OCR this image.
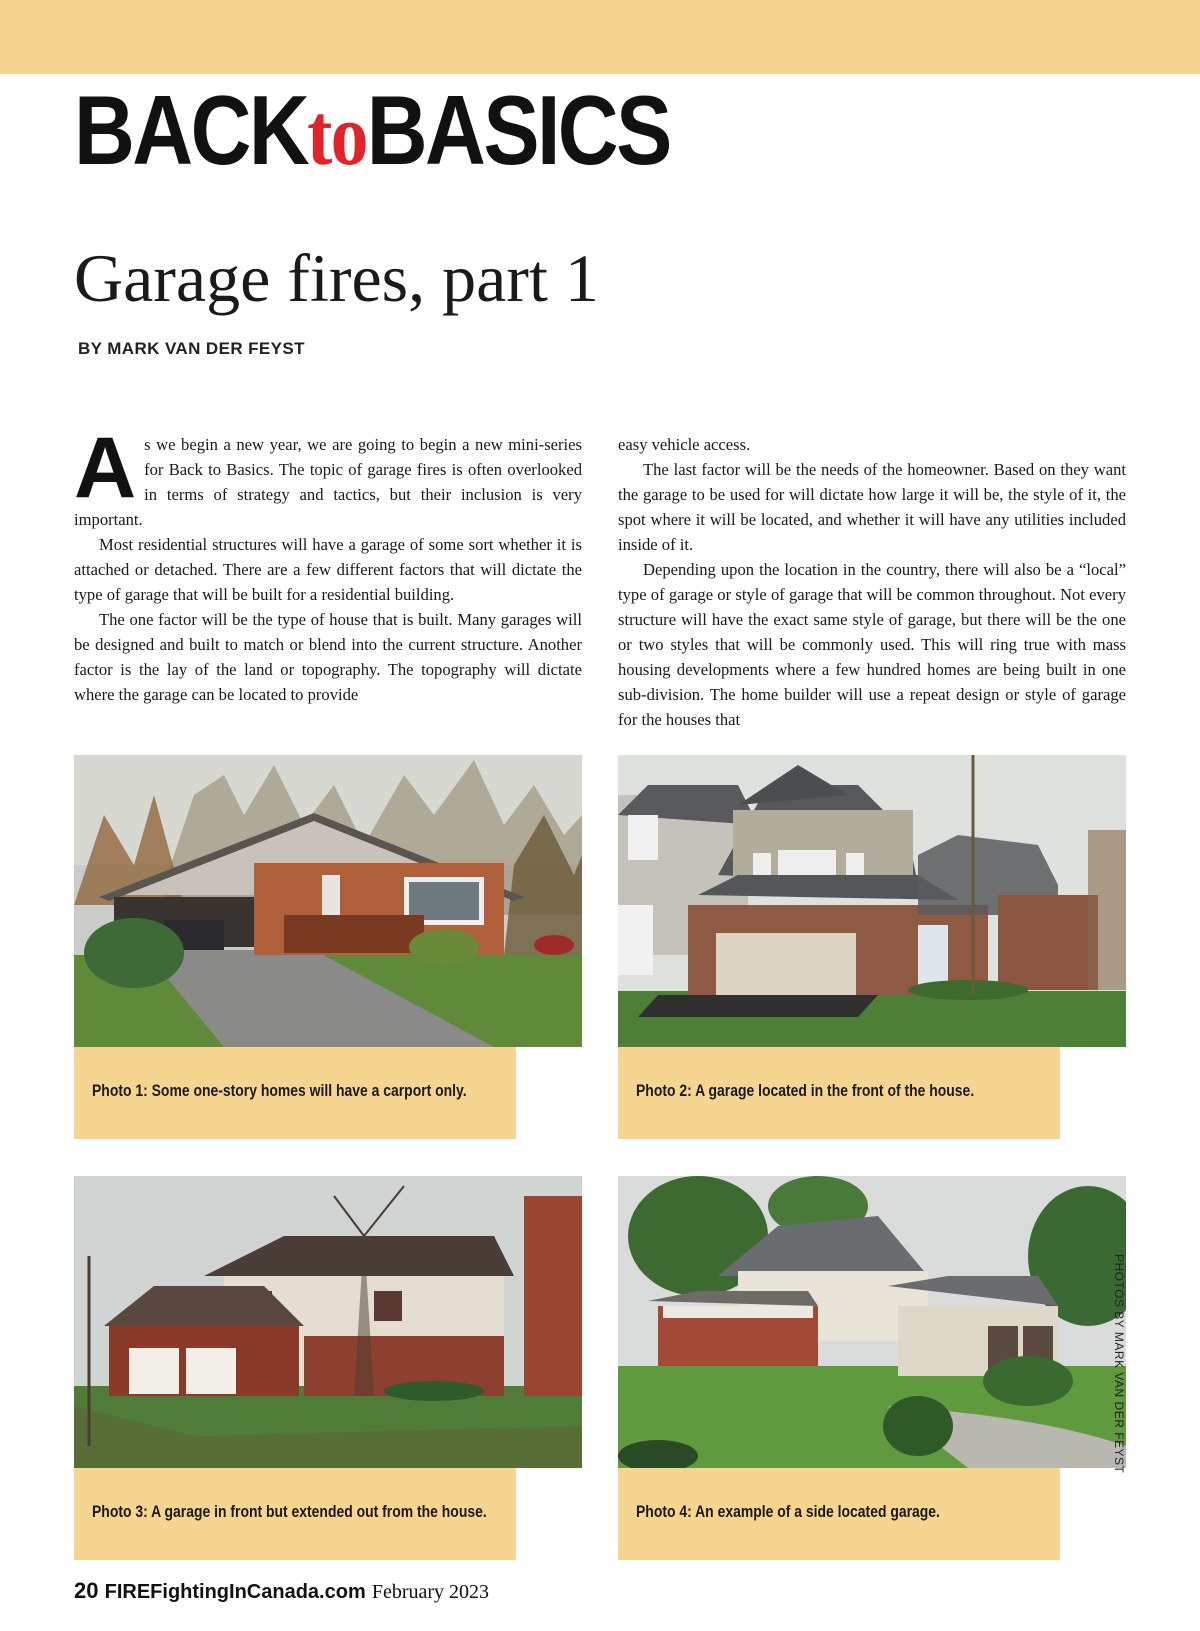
BACKtoBASICS
Garage fires, part 1
BY MARK VAN DER FEYST
A s we begin a new year, we are going to begin a new mini-series for Back to Basics. The topic of garage fires is often overlooked in terms of strategy and tactics, but their inclusion is very important.

Most residential structures will have a garage of some sort whether it is attached or detached. There are a few different factors that will dictate the type of garage that will be built for a residential building.

The one factor will be the type of house that is built. Many garages will be designed and built to match or blend into the current structure. Another factor is the lay of the land or topography. The topography will dictate where the garage can be located to provide

easy vehicle access.

The last factor will be the needs of the homeowner. Based on they want the garage to be used for will dictate how large it will be, the style of it, the spot where it will be located, and whether it will have any utilities included inside of it.

Depending upon the location in the country, there will also be a “local” type of garage or style of garage that will be common throughout. Not every structure will have the exact same style of garage, but there will be the one or two styles that will be commonly used. This will ring true with mass housing developments where a few hundred homes are being built in one sub-division. The home builder will use a repeat design or style of garage for the houses that

Photo 1: Some one-story homes will have a carport only.	Photo 2: A garage located in the front of the house.
Photo 3: A garage in front but extended out from the house.	Photo 4: An example of a side located garage.
PHOTOS BY MARK VAN DER FEYST
20 FIREFightingInCanada.com February 2023
